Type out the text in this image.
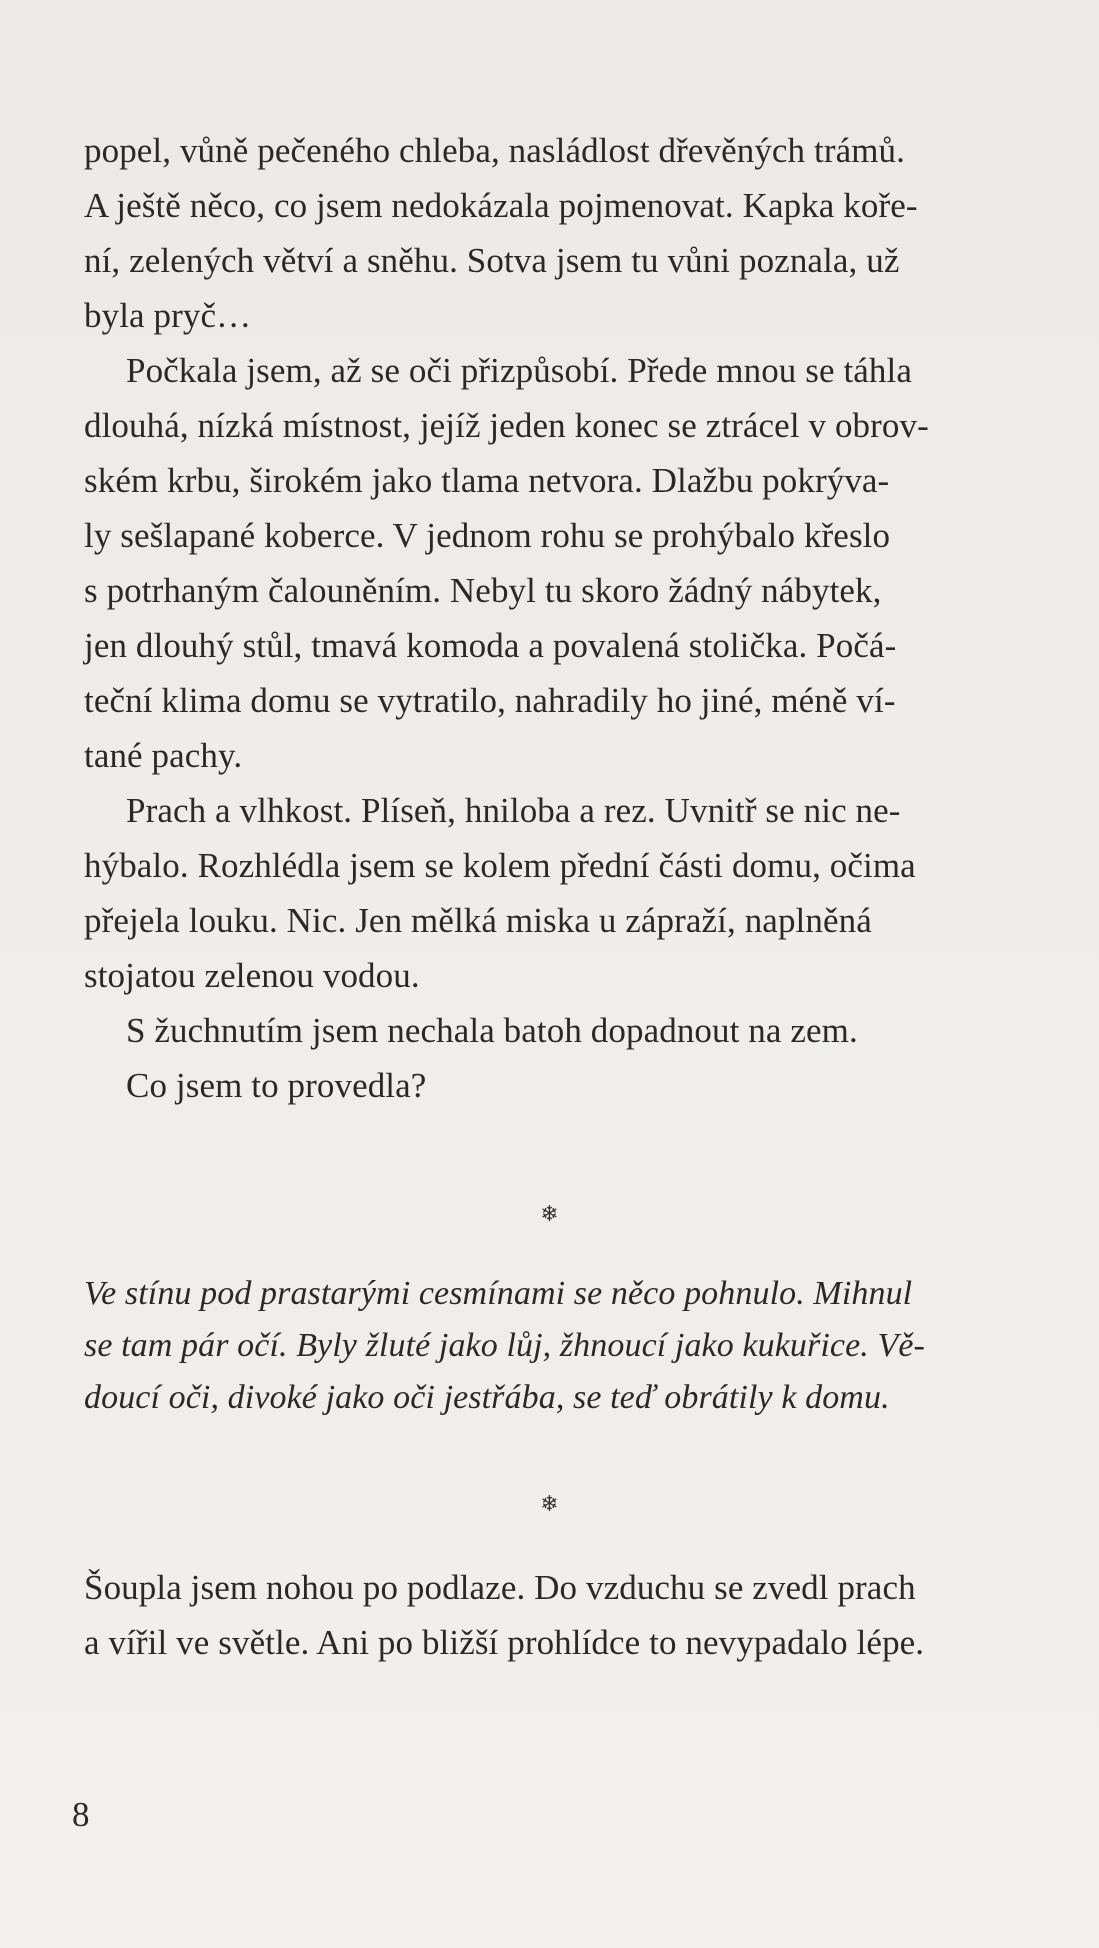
popel, vůně pečeného chleba, nasládlost dřevěných trámů.
A ještě něco, co jsem nedokázala pojmenovat. Kapka koře-
ní, zelených větví a sněhu. Sotva jsem tu vůni poznala, už
byla pryč…
Počkala jsem, až se oči přizpůsobí. Přede mnou se táhla
dlouhá, nízká místnost, jejíž jeden konec se ztrácel v obrov-
ském krbu, širokém jako tlama netvora. Dlažbu pokrýva-
ly sešlapané koberce. V jednom rohu se prohýbalo křeslo
s potrhaným čalouněním. Nebyl tu skoro žádný nábytek,
jen dlouhý stůl, tmavá komoda a povalená stolička. Počá-
teční klima domu se vytratilo, nahradily ho jiné, méně ví-
tané pachy.
Prach a vlhkost. Plíseň, hniloba a rez. Uvnitř se nic ne-
hýbalo. Rozhlédla jsem se kolem přední části domu, očima
přejela louku. Nic. Jen mělká miska u zápraží, naplněná
stojatou zelenou vodou.
S žuchnutím jsem nechala batoh dopadnout na zem.
Co jsem to provedla?
❄
Ve stínu pod prastarými cesmínami se něco pohnulo. Mihnul
se tam pár očí. Byly žluté jako lůj, žhnoucí jako kukuřice. Vě-
doucí oči, divoké jako oči jestřába, se teď obrátily k domu.
❄
Šoupla jsem nohou po podlaze. Do vzduchu se zvedl prach
a vířil ve světle. Ani po bližší prohlídce to nevypadalo lépe.
8
